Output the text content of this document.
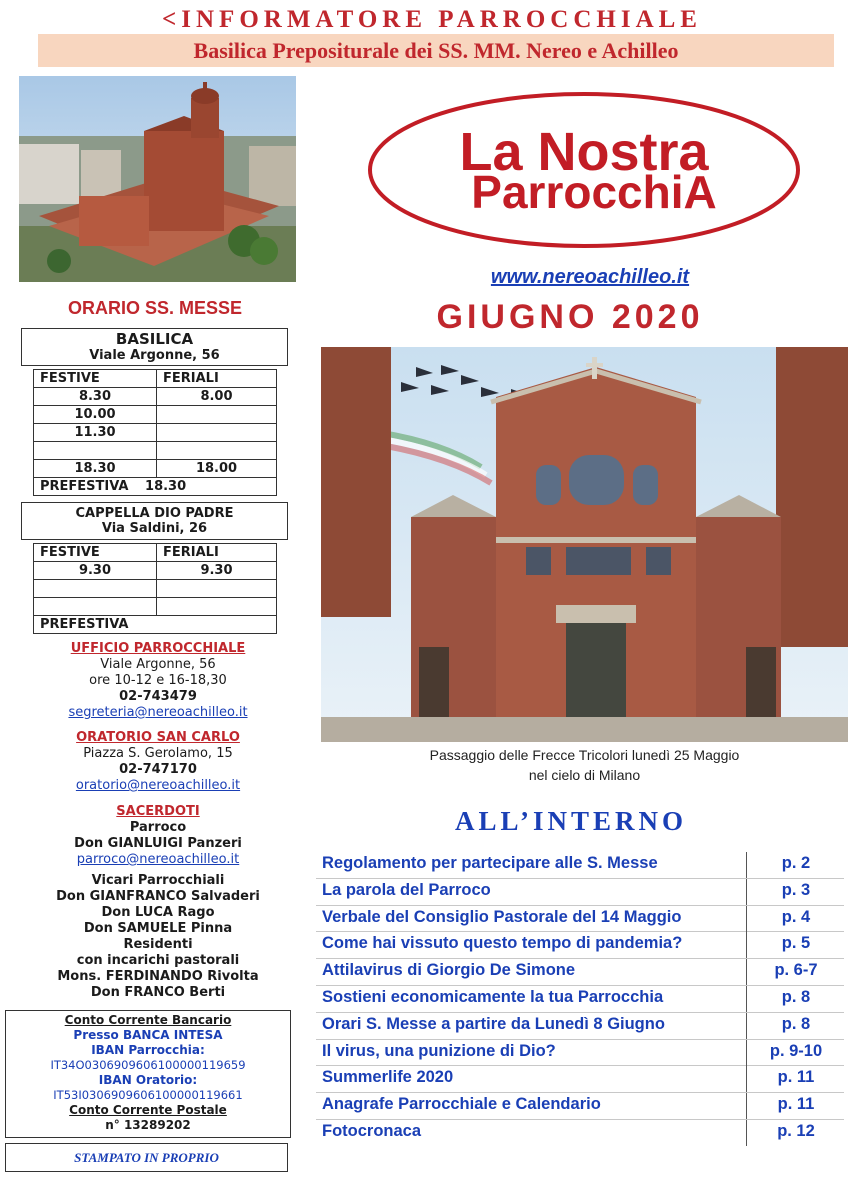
<INFORMATORE PARROCCHIALE
Basilica Prepositurale dei SS. MM. Nereo e Achilleo
La Nostra
ParrocchiA
www.nereoachilleo.it
GIUGNO 2020
Passaggio delle Frecce Tricolori lunedì 25 Maggio
nel cielo di Milano
ORARIO SS. MESSE
BASILICA
Viale Argonne, 56
FESTIVE	FERIALI
8.30	8.00
10.00	
11.30	

18.30	18.00
PREFESTIVA 18.30	
CAPPELLA DIO PADRE
Via Saldini, 26
FESTIVE	FERIALI
9.30	9.30

PREFESTIVA	
UFFICIO PARROCCHIALE
Viale Argonne, 56
ore 10-12 e 16-18,30
02-743479
segreteria@nereoachilleo.it
ORATORIO SAN CARLO
Piazza S. Gerolamo, 15
02-747170
oratorio@nereoachilleo.it
SACERDOTI
Parroco
Don GIANLUIGI Panzeri
parroco@nereoachilleo.it
Vicari Parrocchiali
Don GIANFRANCO Salvaderi
Don LUCA Rago
Don SAMUELE Pinna
Residenti
con incarichi pastorali
Mons. FERDINANDO Rivolta
Don FRANCO Berti
Conto Corrente Bancario
Presso BANCA INTESA
IBAN Parrocchia:
IT34O0306909606100000119659
IBAN Oratorio:
IT53I0306909606100000119661
Conto Corrente Postale
n° 13289202
STAMPATO IN PROPRIO
ALL’INTERNO
Regolamento per partecipare alle S. Messe	p. 2
La parola del Parroco	p. 3
Verbale del Consiglio Pastorale del 14 Maggio	p. 4
Come hai vissuto questo tempo di pandemia?	p. 5
Attilavirus di Giorgio De Simone	p. 6-7
Sostieni economicamente la tua Parrocchia	p. 8
Orari S. Messe a partire da Lunedì 8 Giugno	p. 8
Il virus, una punizione di Dio?	p. 9-10
Summerlife 2020	p. 11
Anagrafe Parrocchiale e Calendario	p. 11
Fotocronaca	p. 12
